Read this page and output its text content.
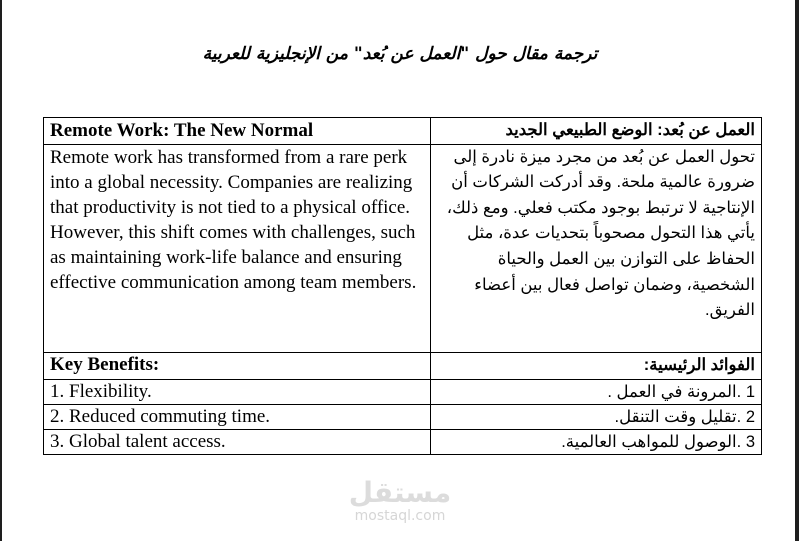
ترجمة مقال حول "العمل عن بُعد" من الإنجليزية للعربية
Remote Work: The New Normal	العمل عن بُعد: الوضع الطبيعي الجديد
Remote work has transformed from a rare perk into a global necessity. Companies are realizing that productivity is not tied to a physical office. However, this shift comes with challenges, such as maintaining work-life balance and ensuring effective communication among team members.	تحول العمل عن بُعد من مجرد ميزة نادرة إلى ضرورة عالمية ملحة. وقد أدركت الشركات أن الإنتاجية لا ترتبط بوجود مكتب فعلي. ومع ذلك، يأتي هذا التحول مصحوباً بتحديات عدة، مثل الحفاظ على التوازن بين العمل والحياة الشخصية، وضمان تواصل فعال بين أعضاء الفريق.
Key Benefits:	الفوائد الرئيسية:
1. Flexibility.	1 .المرونة في العمل .
2. Reduced commuting time.	2 .تقليل وقت التنقل.
3. Global talent access.	3 .الوصول للمواهب العالمية.
مستقل
mostaql.com
